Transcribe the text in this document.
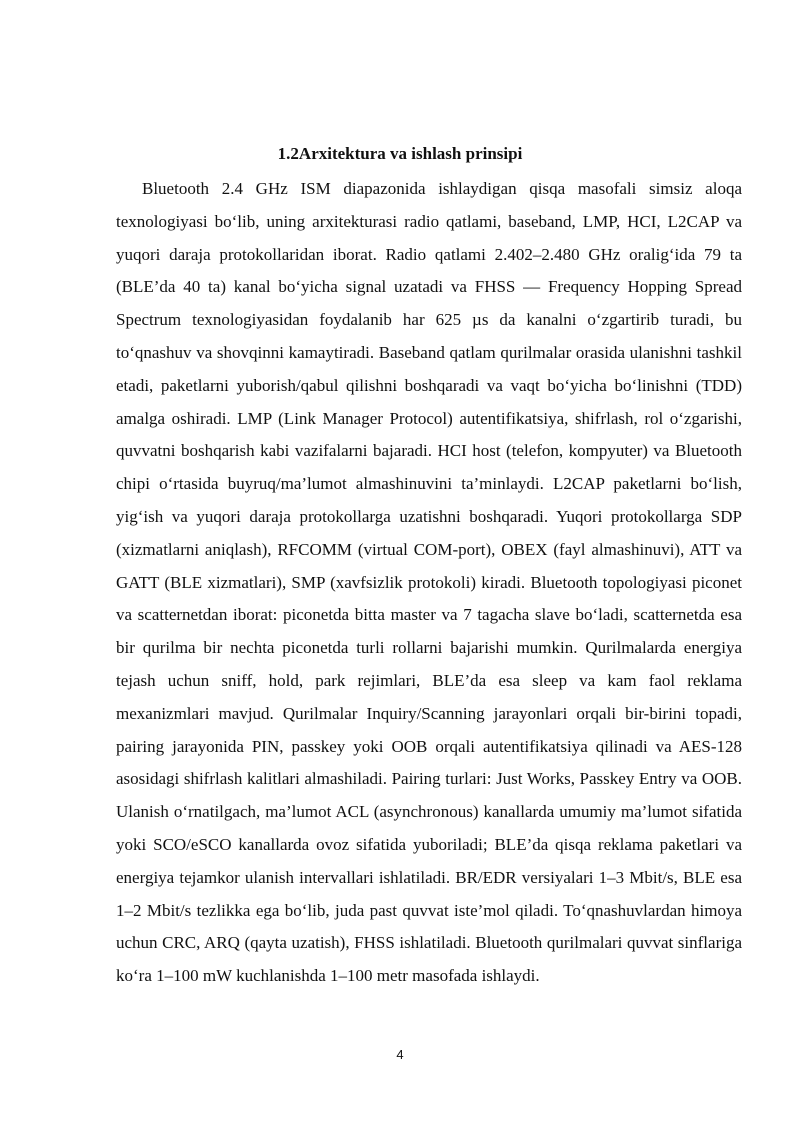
1.2Arxitektura va ishlash prinsipi

Bluetooth 2.4 GHz ISM diapazonida ishlaydigan qisqa masofali simsiz aloqa texnologiyasi bo‘lib, uning arxitekturasi radio qatlami, baseband, LMP, HCI, L2CAP va yuqori daraja protokollaridan iborat. Radio qatlami 2.402–2.480 GHz oralig‘ida 79 ta (BLE’da 40 ta) kanal bo‘yicha signal uzatadi va FHSS — Frequency Hopping Spread Spectrum texnologiyasidan foydalanib har 625 µs da kanalni o‘zgartirib turadi, bu to‘qnashuv va shovqinni kamaytiradi. Baseband qatlam qurilmalar orasida ulanishni tashkil etadi, paketlarni yuborish/qabul qilishni boshqaradi va vaqt bo‘yicha bo‘linishni (TDD) amalga oshiradi. LMP (Link Manager Protocol) autentifikatsiya, shifrlash, rol o‘zgarishi, quvvatni boshqarish kabi vazifalarni bajaradi. HCI host (telefon, kompyuter) va Bluetooth chipi o‘rtasida buyruq/ma’lumot almashinuvini ta’minlaydi. L2CAP paketlarni bo‘lish, yig‘ish va yuqori daraja protokollarga uzatishni boshqaradi. Yuqori protokollarga SDP (xizmatlarni aniqlash), RFCOMM (virtual COM-port), OBEX (fayl almashinuvi), ATT va GATT (BLE xizmatlari), SMP (xavfsizlik protokoli) kiradi. Bluetooth topologiyasi piconet va scatternetdan iborat: piconetda bitta master va 7 tagacha slave bo‘ladi, scatternetda esa bir qurilma bir nechta piconetda turli rollarni bajarishi mumkin. Qurilmalarda energiya tejash uchun sniff, hold, park rejimlari, BLE’da esa sleep va kam faol reklama mexanizmlari mavjud. Qurilmalar Inquiry/Scanning jarayonlari orqali bir-birini topadi, pairing jarayonida PIN, passkey yoki OOB orqali autentifikatsiya qilinadi va AES-128 asosidagi shifrlash kalitlari almashiladi. Pairing turlari: Just Works, Passkey Entry va OOB. Ulanish o‘rnatilgach, ma’lumot ACL (asynchronous) kanallarda umumiy ma’lumot sifatida yoki SCO/eSCO kanallarda ovoz sifatida yuboriladi; BLE’da qisqa reklama paketlari va energiya tejamkor ulanish intervallari ishlatiladi. BR/EDR versiyalari 1–3 Mbit/s, BLE esa 1–2 Mbit/s tezlikka ega bo‘lib, juda past quvvat iste’mol qiladi. To‘qnashuvlardan himoya uchun CRC, ARQ (qayta uzatish), FHSS ishlatiladi. Bluetooth qurilmalari quvvat sinflariga ko‘ra 1–100 mW kuchlanishda 1–100 metr masofada ishlaydi.

4
